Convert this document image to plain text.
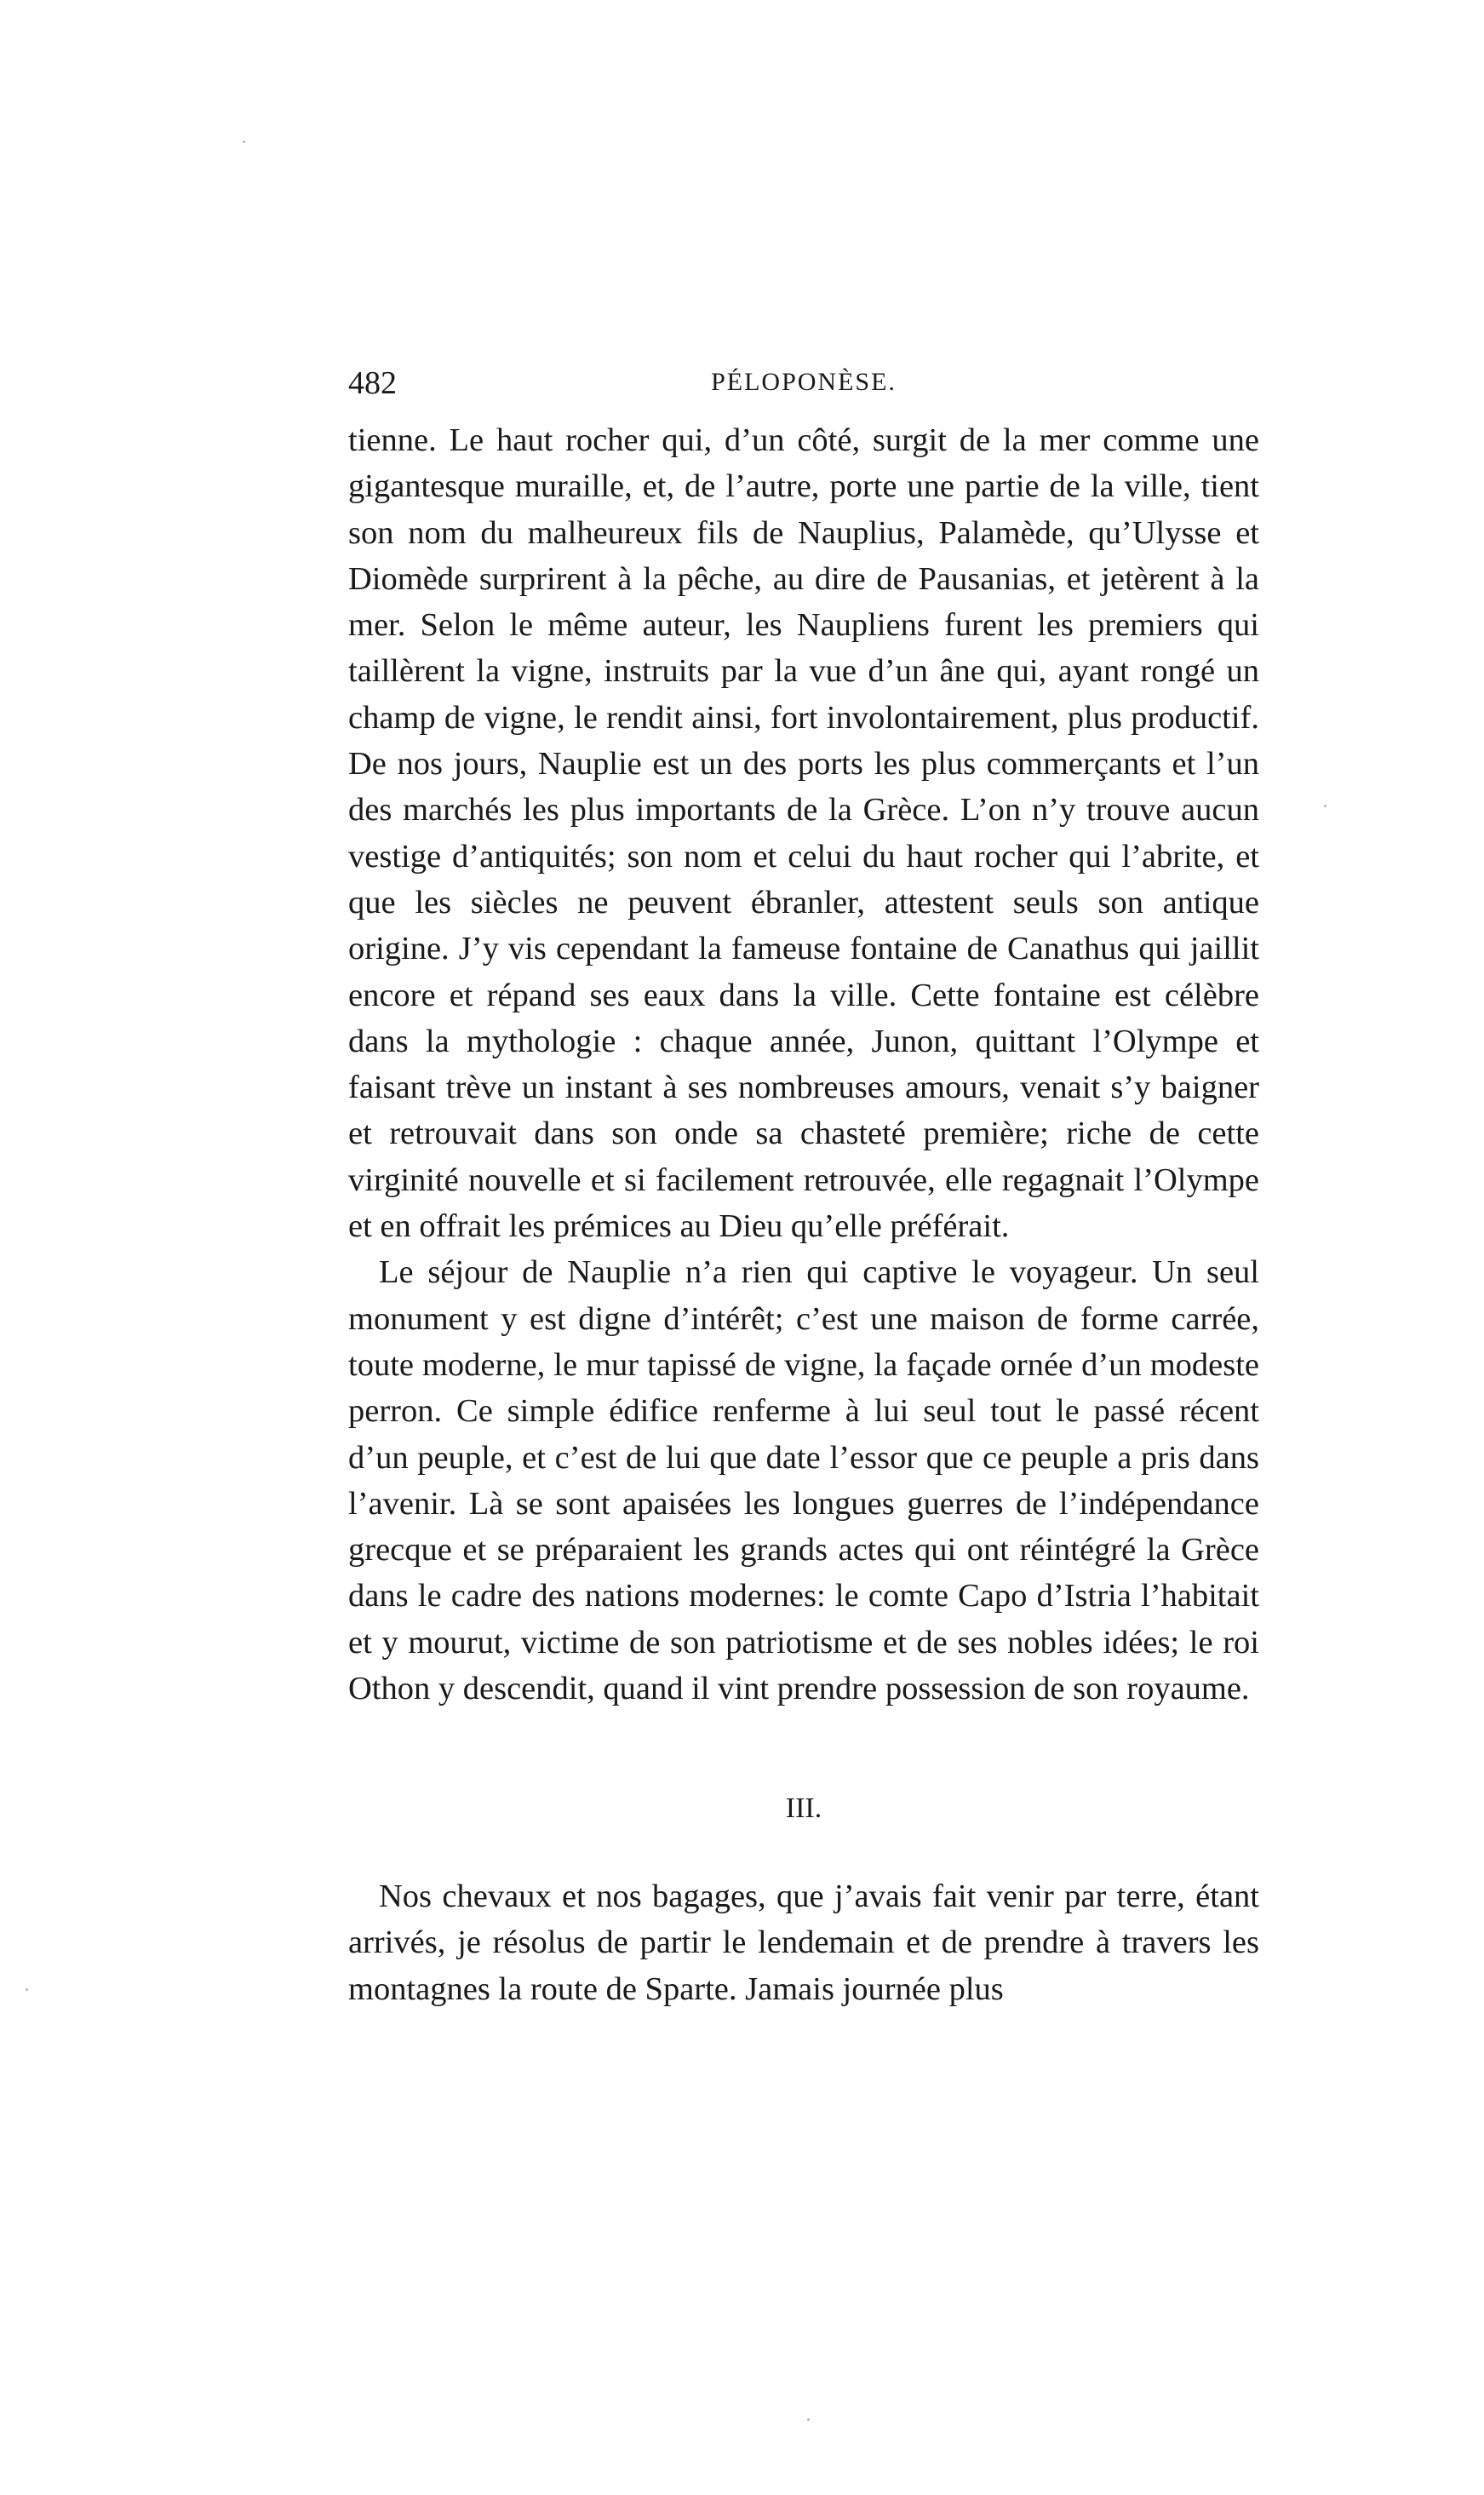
482	PÉLOPONÈSE.

tienne. Le haut rocher qui, d’un côté, surgit de la mer comme une gigantesque muraille, et, de l’autre, porte une partie de la ville, tient son nom du malheureux fils de Nauplius, Palamède, qu’Ulysse et Diomède surprirent à la pêche, au dire de Pausanias, et jetèrent à la mer. Selon le même auteur, les Naupliens furent les premiers qui taillèrent la vigne, instruits par la vue d’un âne qui, ayant rongé un champ de vigne, le rendit ainsi, fort involontairement, plus productif. De nos jours, Nauplie est un des ports les plus commerçants et l’un des marchés les plus importants de la Grèce. L’on n’y trouve aucun vestige d’antiquités; son nom et celui du haut rocher qui l’abrite, et que les siècles ne peuvent ébranler, attestent seuls son antique origine. J’y vis cependant la fameuse fontaine de Canathus qui jaillit encore et répand ses eaux dans la ville. Cette fontaine est célèbre dans la mythologie : chaque année, Junon, quittant l’Olympe et faisant trève un instant à ses nombreuses amours, venait s’y baigner et retrouvait dans son onde sa chasteté première; riche de cette virginité nouvelle et si facilement retrouvée, elle regagnait l’Olympe et en offrait les prémices au Dieu qu’elle préférait.

Le séjour de Nauplie n’a rien qui captive le voyageur. Un seul monument y est digne d’intérêt; c’est une maison de forme carrée, toute moderne, le mur tapissé de vigne, la façade ornée d’un modeste perron. Ce simple édifice renferme à lui seul tout le passé récent d’un peuple, et c’est de lui que date l’essor que ce peuple a pris dans l’avenir. Là se sont apaisées les longues guerres de l’indépendance grecque et se préparaient les grands actes qui ont réintégré la Grèce dans le cadre des nations modernes: le comte Capo d’Istria l’habitait et y mourut, victime de son patriotisme et de ses nobles idées; le roi Othon y descendit, quand il vint prendre possession de son royaume.

III.

Nos chevaux et nos bagages, que j’avais fait venir par terre, étant arrivés, je résolus de partir le lendemain et de prendre à travers les montagnes la route de Sparte. Jamais journée plus
